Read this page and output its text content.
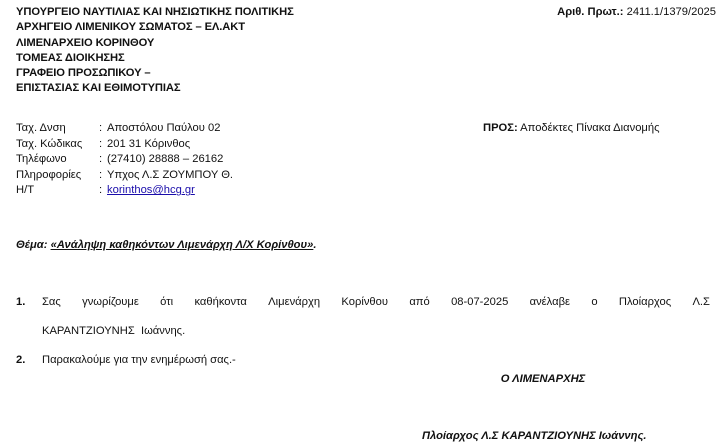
ΥΠΟΥΡΓΕΙΟ ΝΑΥΤΙΛΙΑΣ ΚΑΙ ΝΗΣΙΩΤΙΚΗΣ ΠΟΛΙΤΙΚΗΣ
ΑΡΧΗΓΕΙΟ ΛΙΜΕΝΙΚΟΥ ΣΩΜΑΤΟΣ – ΕΛ.ΑΚΤ
ΛΙΜΕΝΑΡΧΕΙΟ ΚΟΡΙΝΘΟΥ
ΤΟΜΕΑΣ ΔΙΟΙΚΗΣΗΣ
ΓΡΑΦΕΙΟ ΠΡΟΣΩΠΙΚΟΥ –
ΕΠΙΣΤΑΣΙΑΣ ΚΑΙ ΕΘΙΜΟΤΥΠΙΑΣ
Αριθ. Πρωτ.: 2411.1/1379/2025
Ταχ. Δνση	: Αποστόλου Παύλου 02
Ταχ. Κώδικας	: 201 31 Κόρινθος
Τηλέφωνο	: (27410) 28888 – 26162
Πληροφορίες	: Υπχος Λ.Σ ΖΟΥΜΠΟΥ Θ.
Η/Τ	: korinthos@hcg.gr
ΠΡΟΣ: Αποδέκτες Πίνακα Διανομής
Θέμα: «Ανάληψη καθηκόντων Λιμενάρχη Λ/Χ Κορίνθου».
1.	Σας γνωρίζουμε ότι καθήκοντα Λιμενάρχη Κορίνθου από 08-07-2025 ανέλαβε ο Πλοίαρχος Λ.Σ
ΚΑΡΑΝΤΖΙΟΥΝΗΣ  Ιωάννης.
2.	Παρακαλούμε για την ενημέρωσή σας.-
Ο ΛΙΜΕΝΑΡΧΗΣ
Πλοίαρχος Λ.Σ ΚΑΡΑΝΤΖΙΟΥΝΗΣ Ιωάννης.
